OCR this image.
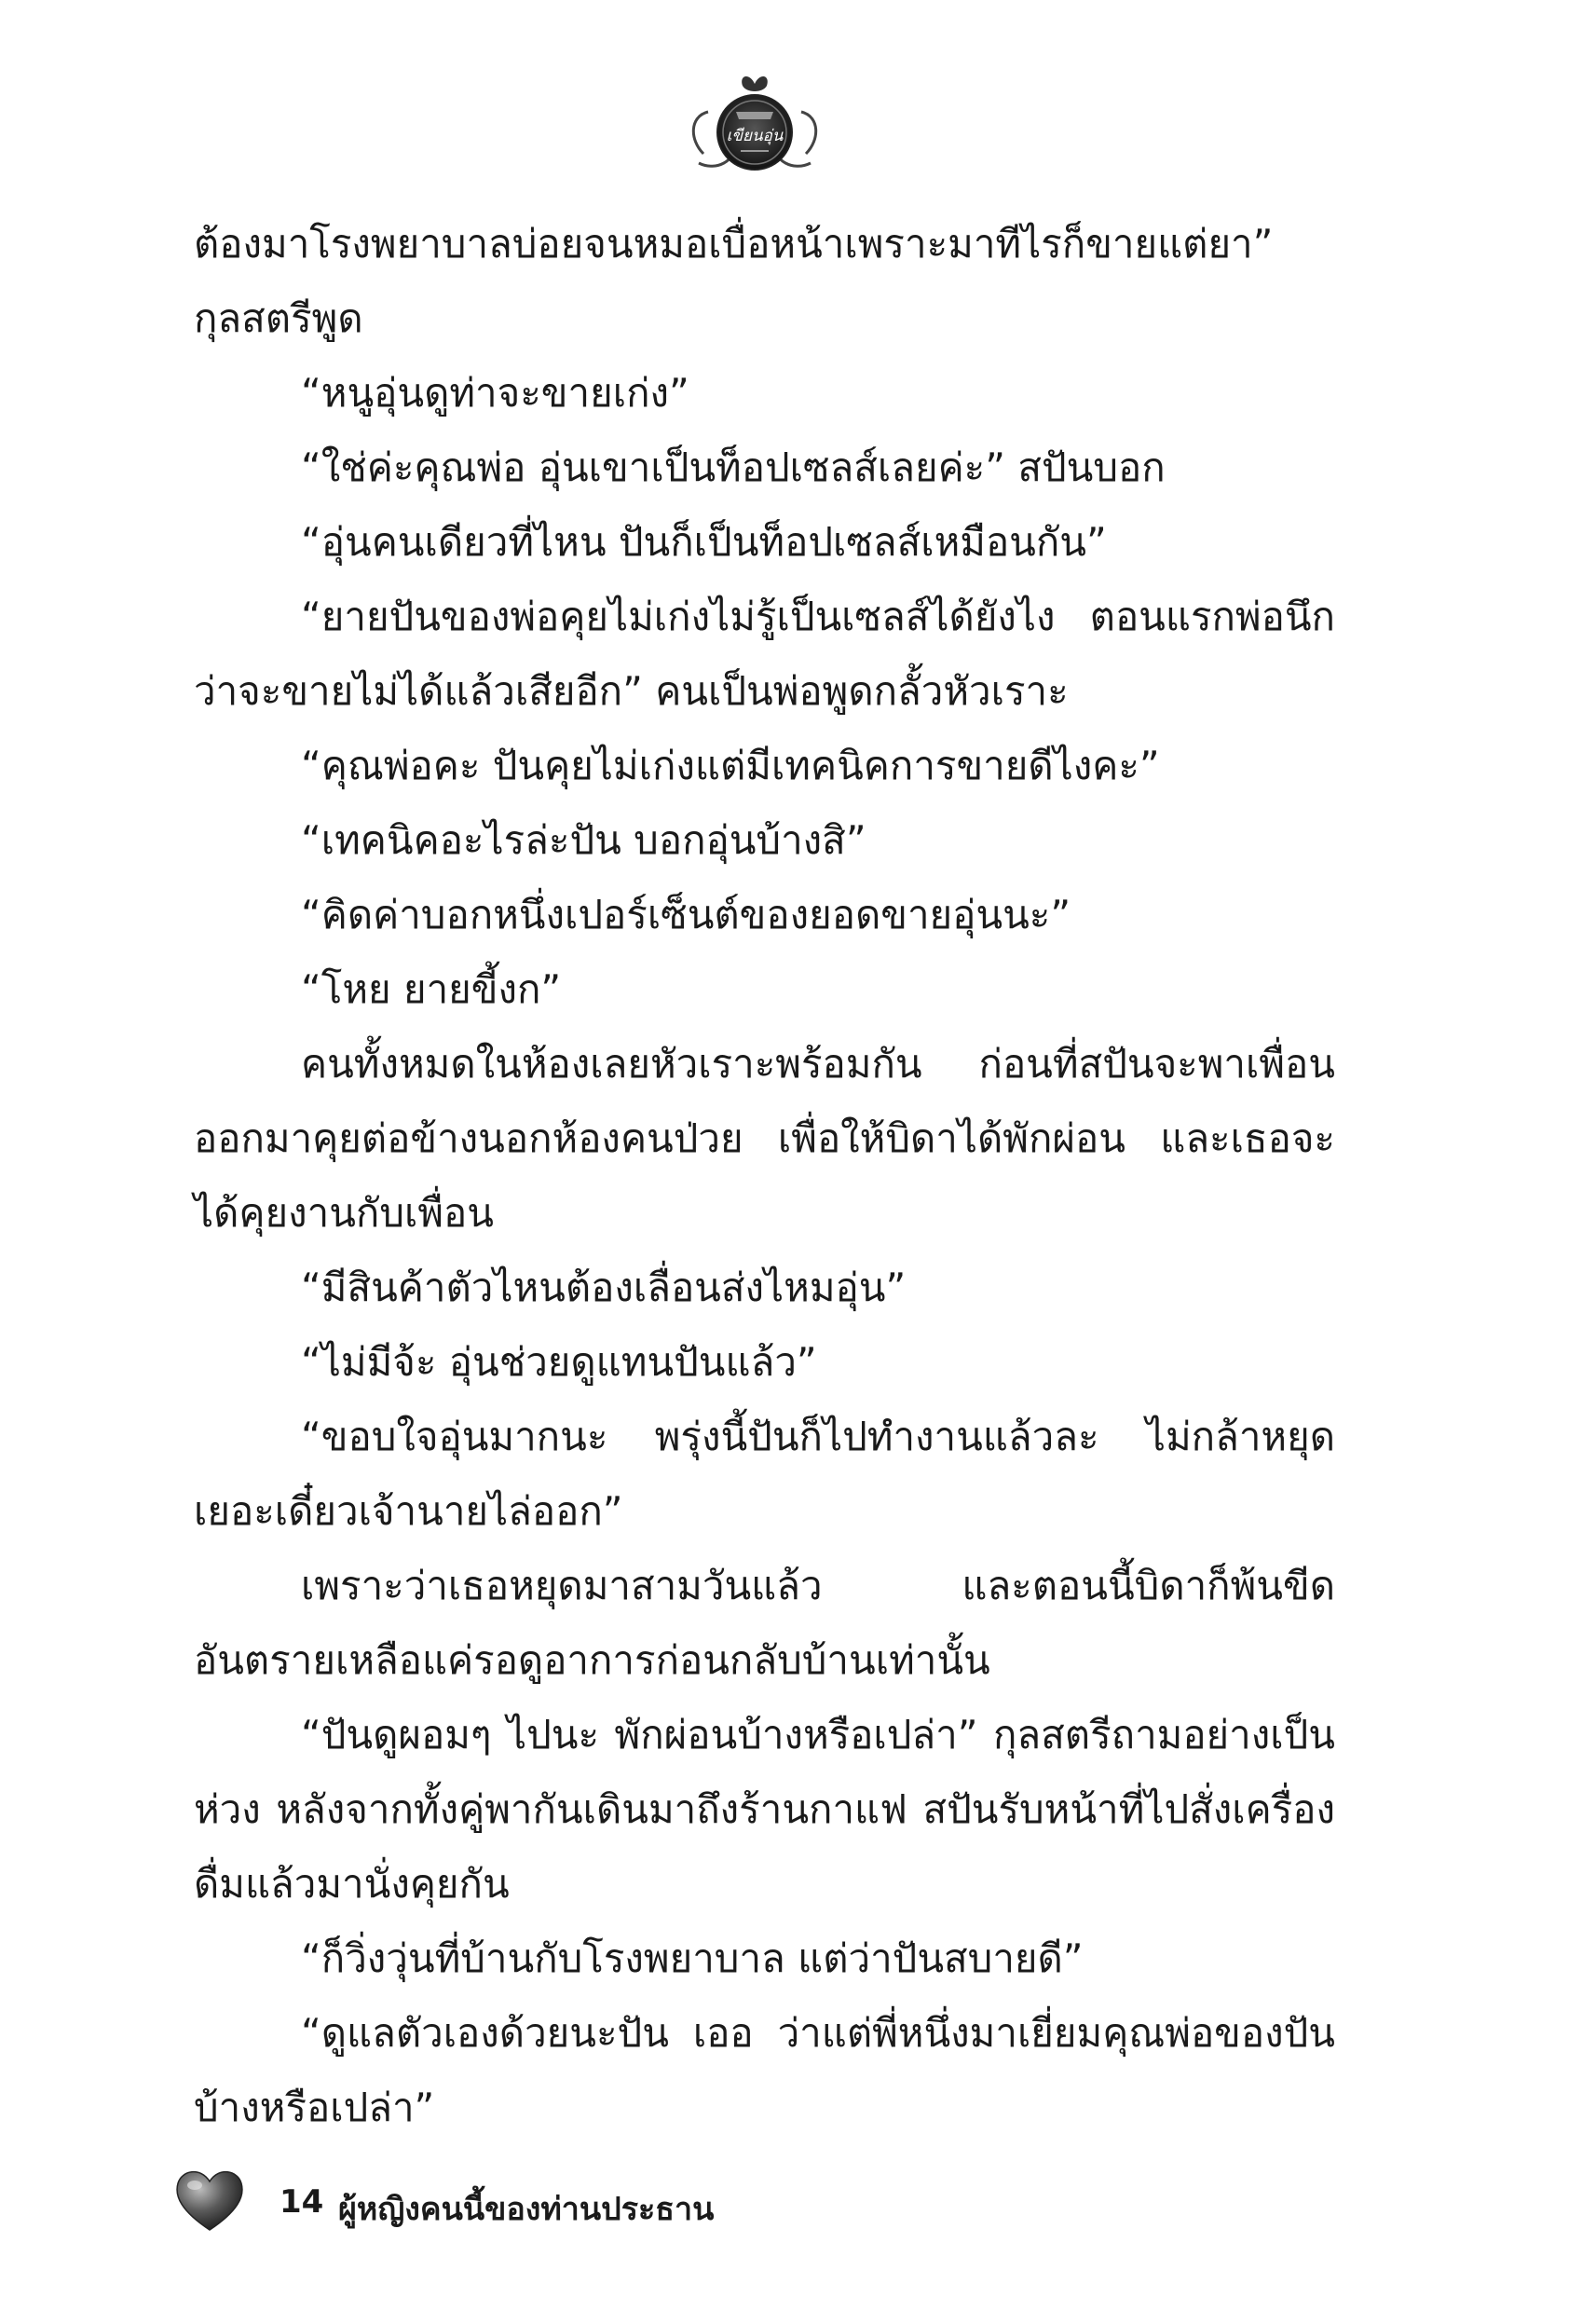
เขียนอุ่น

ต้องมาโรงพยาบาลบ่อยจนหมอเบื่อหน้าเพราะมาทีไรก็ขายแต่ยา” กุลสตรีพูด

“หนูอุ่นดูท่าจะขายเก่ง”

“ใช่ค่ะคุณพ่อ อุ่นเขาเป็นท็อปเซลส์เลยค่ะ” สปันบอก

“อุ่นคนเดียวที่ไหน ปันก็เป็นท็อปเซลส์เหมือนกัน”

“ยายปันของพ่อคุยไม่เก่งไม่รู้เป็นเซลส์ได้ยังไง ตอนแรกพ่อนึกว่าจะขายไม่ได้แล้วเสียอีก” คนเป็นพ่อพูดกลั้วหัวเราะ

“คุณพ่อคะ ปันคุยไม่เก่งแต่มีเทคนิคการขายดีไงคะ”

“เทคนิคอะไรล่ะปัน บอกอุ่นบ้างสิ”

“คิดค่าบอกหนึ่งเปอร์เซ็นต์ของยอดขายอุ่นนะ”

“โหย ยายขี้งก”

คนทั้งหมดในห้องเลยหัวเราะพร้อมกัน ก่อนที่สปันจะพาเพื่อนออกมาคุยต่อข้างนอกห้องคนป่วย เพื่อให้บิดาได้พักผ่อน และเธอจะได้คุยงานกับเพื่อน

“มีสินค้าตัวไหนต้องเลื่อนส่งไหมอุ่น”

“ไม่มีจ้ะ อุ่นช่วยดูแทนปันแล้ว”

“ขอบใจอุ่นมากนะ พรุ่งนี้ปันก็ไปทำงานแล้วละ ไม่กล้าหยุดเยอะเดี๋ยวเจ้านายไล่ออก”

เพราะว่าเธอหยุดมาสามวันแล้ว และตอนนี้บิดาก็พ้นขีดอันตรายเหลือแค่รอดูอาการก่อนกลับบ้านเท่านั้น

“ปันดูผอมๆ ไปนะ พักผ่อนบ้างหรือเปล่า” กุลสตรีถามอย่างเป็นห่วง หลังจากทั้งคู่พากันเดินมาถึงร้านกาแฟ สปันรับหน้าที่ไปสั่งเครื่องดื่มแล้วมานั่งคุยกัน

“ก็วิ่งวุ่นที่บ้านกับโรงพยาบาล แต่ว่าปันสบายดี”

“ดูแลตัวเองด้วยนะปัน เออ ว่าแต่พี่หนึ่งมาเยี่ยมคุณพ่อของปันบ้างหรือเปล่า”

14 ผู้หญิงคนนี้ของท่านประธาน
